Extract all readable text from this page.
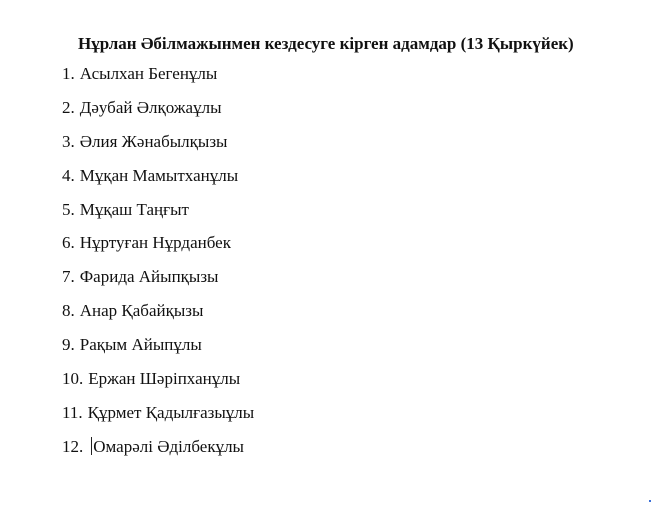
Нұрлан Әбілмажынмен кездесуге кірген адамдар (13 Қыркүйек)
1. Асылхан Бегенұлы
2. Дәубай Әлқожаұлы
3. Әлия Жәнабылқызы
4. Мұқан Мамытханұлы
5. Мұқаш Таңғыт
6. Нұртуған Нұрданбек
7. Фарида Айыпқызы
8. Анар Қабайқызы
9. Рақым Айыпұлы
10. Ержан Шәріпханұлы
11. Құрмет Қадылғазыұлы
12. Омарәлі Әділбекұлы
